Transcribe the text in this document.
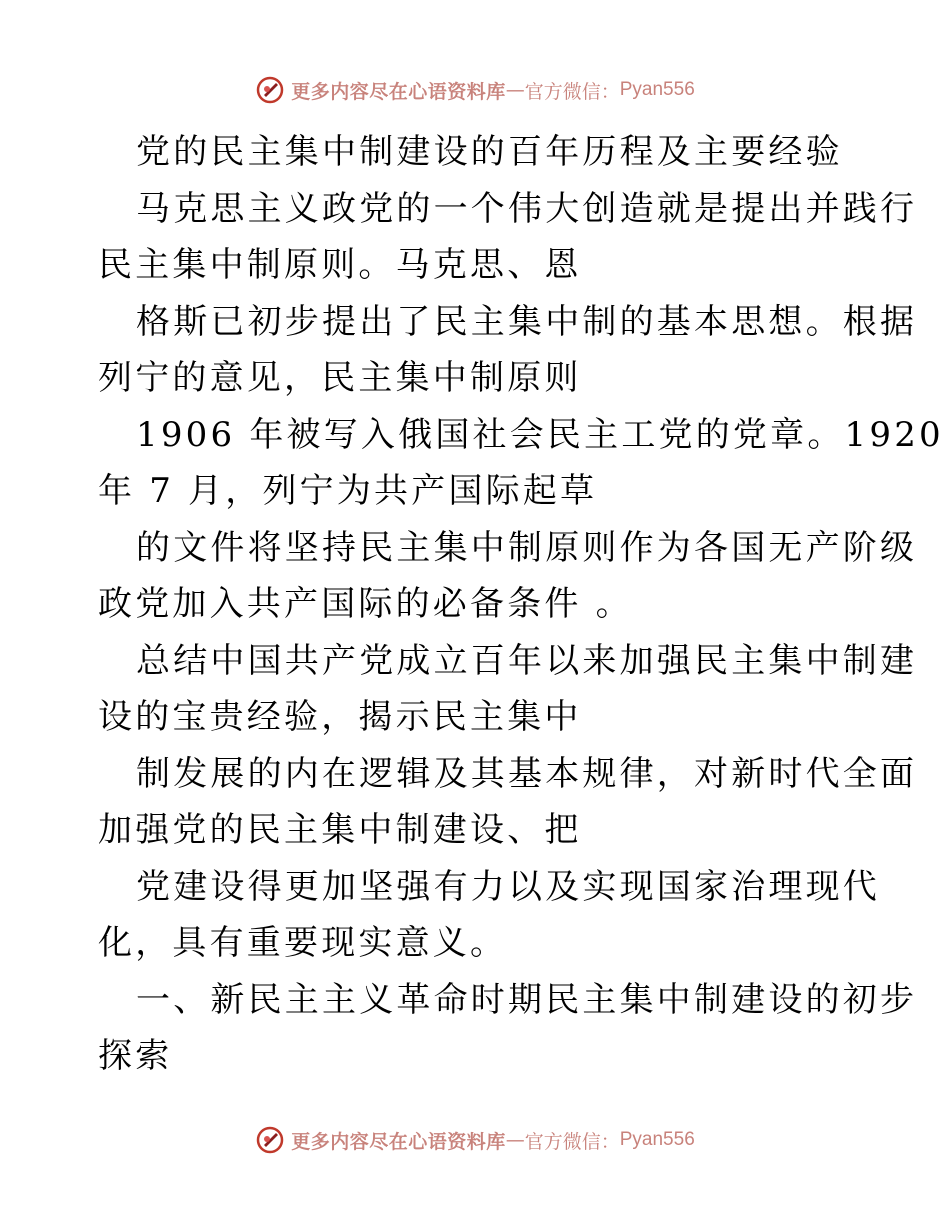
更多内容尽在心语资料库 — 官方微信： Pyan556
党的民主集中制建设的百年历程及主要经验
马克思主义政党的一个伟大创造就是提出并践行
民主集中制原则。马克思、恩
格斯已初步提出了民主集中制的基本思想。根据
列宁的意见，民主集中制原则
1906 年被写入俄国社会民主工党的党章。1920
年 7 月，列宁为共产国际起草
的文件将坚持民主集中制原则作为各国无产阶级
政党加入共产国际的必备条件 。
总结中国共产党成立百年以来加强民主集中制建
设的宝贵经验，揭示民主集中
制发展的内在逻辑及其基本规律，对新时代全面
加强党的民主集中制建设、把
党建设得更加坚强有力以及实现国家治理现代
化，具有重要现实意义。
一、新民主主义革命时期民主集中制建设的初步
探索
更多内容尽在心语资料库 — 官方微信： Pyan556
